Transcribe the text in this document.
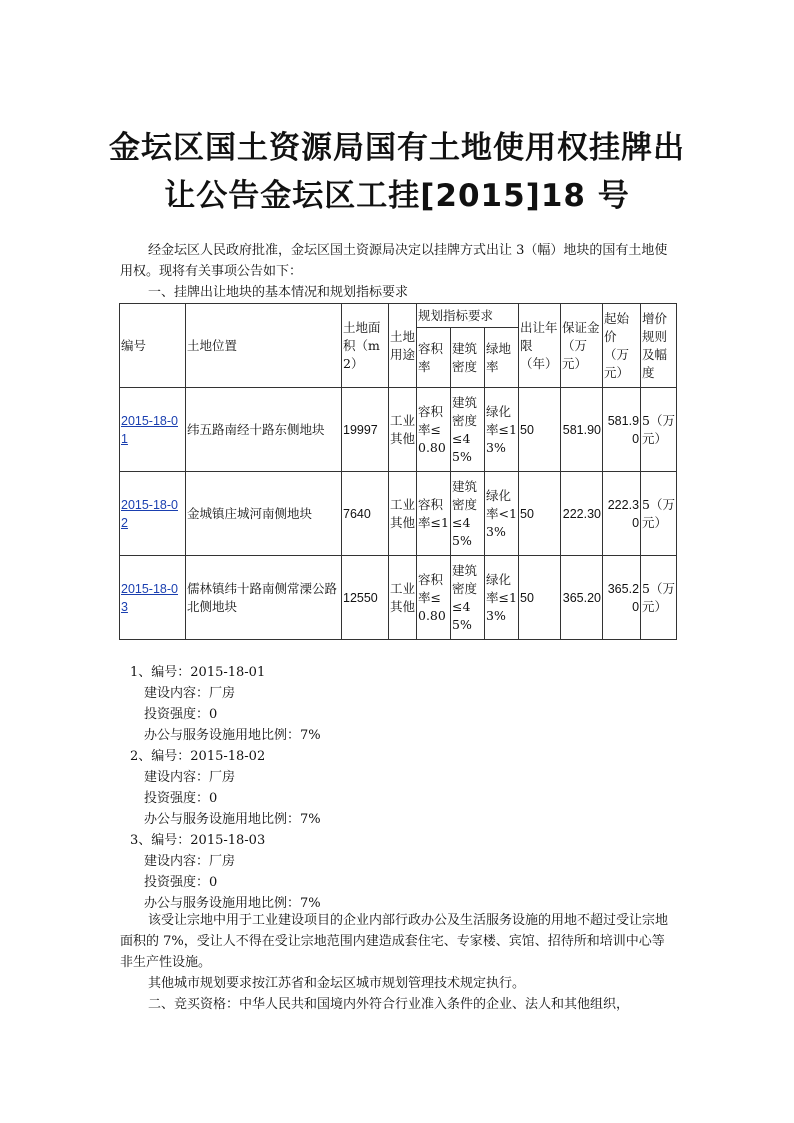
金坛区国土资源局国有土地使用权挂牌出
让公告金坛区工挂[2015]18 号
经金坛区人民政府批准，金坛区国土资源局决定以挂牌方式出让 3（幅）地块的国有土地使用权。现将有关事项公告如下：
一、挂牌出让地块的基本情况和规划指标要求
编号	土地位置	土地面积（m2）	土地用途	规划指标要求			出让年限（年）	保证金（万元）	起始价（万元）	增价规则及幅度
				容积率	建筑密度	绿地率				
2015-18-01	纬五路南经十路东侧地块	19997	工业其他	容积率≤0.80	建筑密度≤45%	绿化率≤13%	50	581.90	581.90	5（万元）
2015-18-02	金城镇庄城河南侧地块	7640	工业其他	容积率≤1	建筑密度≤45%	绿化率<13%	50	222.30	222.30	5（万元）
2015-18-03	儒林镇纬十路南侧常溧公路北侧地块	12550	工业其他	容积率≤0.80	建筑密度≤45%	绿化率≤13%	50	365.20	365.20	5（万元）
1、编号：2015-18-01
建设内容：厂房
投资强度：0
办公与服务设施用地比例：7%
2、编号：2015-18-02
建设内容：厂房
投资强度：0
办公与服务设施用地比例：7%
3、编号：2015-18-03
建设内容：厂房
投资强度：0
办公与服务设施用地比例：7%
该受让宗地中用于工业建设项目的企业内部行政办公及生活服务设施的用地不超过受让宗地面积的 7%，受让人不得在受让宗地范围内建造成套住宅、专家楼、宾馆、招待所和培训中心等非生产性设施。
其他城市规划要求按江苏省和金坛区城市规划管理技术规定执行。
二、竞买资格：中华人民共和国境内外符合行业准入条件的企业、法人和其他组织，
